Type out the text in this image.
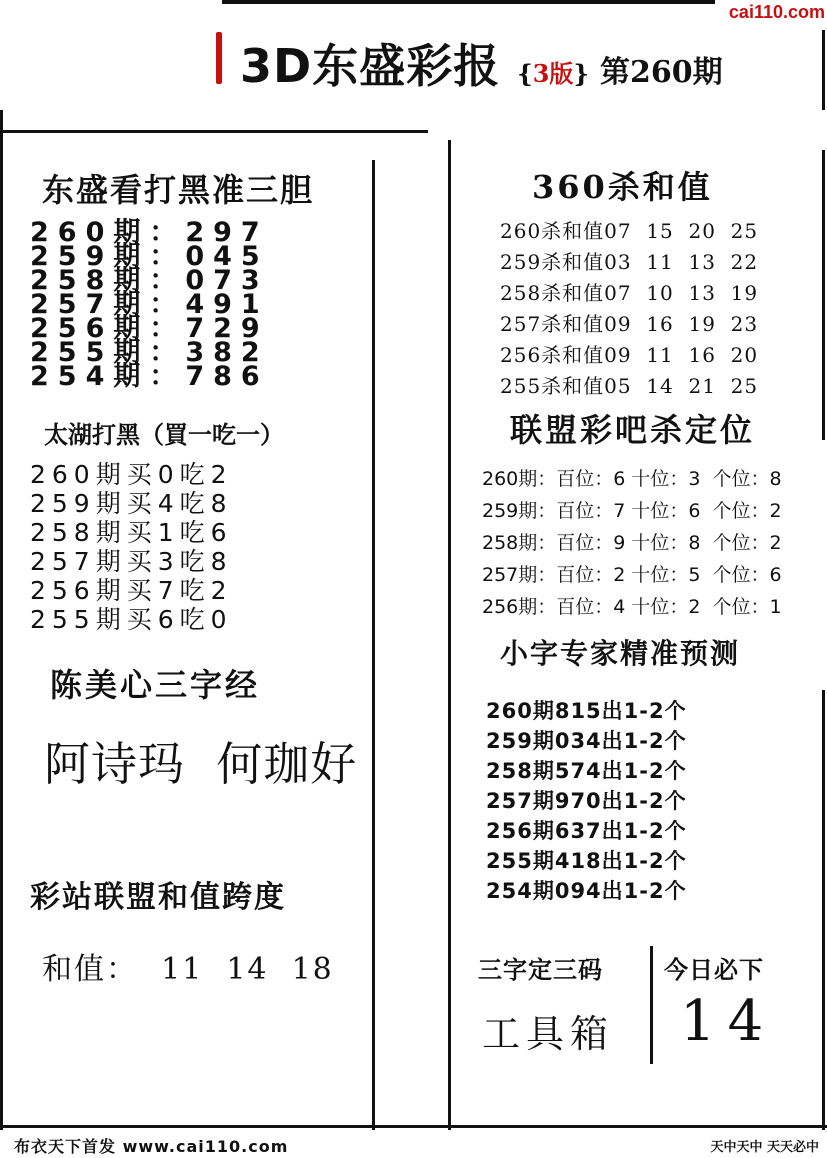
cai110.com
3D东盛彩报 {3版} 第260期
东盛看打黑准三胆
260期：297
259期：045
258期：073
257期：491
256期：729
255期：382
254期：786
太湖打黑（買一吃一）
260期买0吃2
259期买4吃8
258期买1吃6
257期买3吃8
256期买7吃2
255期买6吃0
陈美心三字经
阿诗玛  何珈好
彩站联盟和值跨度
和值：  11  14  18
360杀和值
260杀和值07  15  20  25
259杀和值03  11  13  22
258杀和值07  10  13  19
257杀和值09  16  19  23
256杀和值09  11  16  20
255杀和值05  14  21  25
联盟彩吧杀定位
260期：百位：6 十位：3  个位：8
259期：百位：7 十位：6  个位：2
258期：百位：9 十位：8  个位：2
257期：百位：2 十位：5  个位：6
256期：百位：4 十位：2  个位：1
小字专家精准预测
260期815出1-2个
259期034出1-2个
258期574出1-2个
257期970出1-2个
256期637出1-2个
255期418出1-2个
254期094出1-2个
三字定三码
工具箱
今日必下
14
布衣天下首发 www.cai110.com	天中天中 天天必中
